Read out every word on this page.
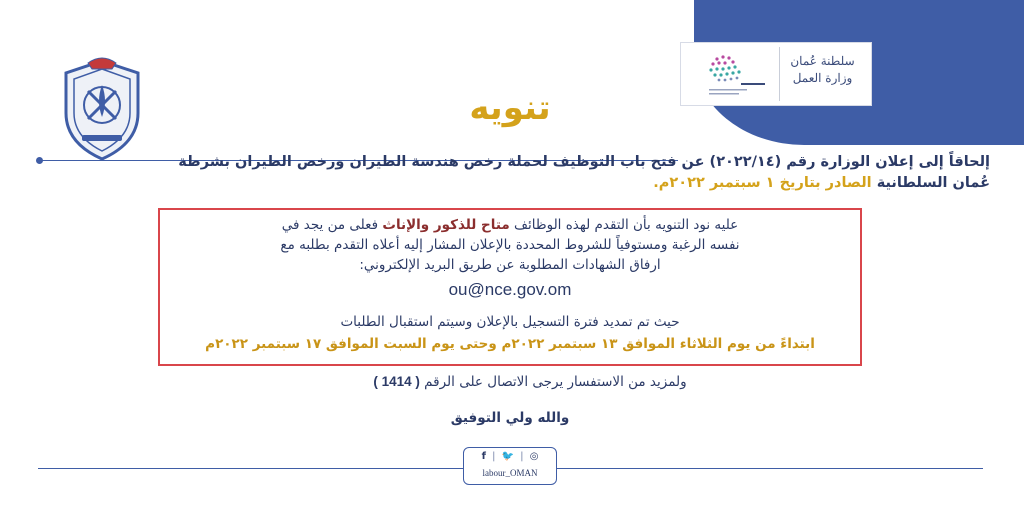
سلطنة عُمان
وزارة العمل
تنويه
إلحاقاً إلى إعلان الوزارة رقم (٢٠٢٢/١٤) عن فتح باب التوظيف لحملة رخص هندسة الطيران ورخص الطيران بشرطة عُمان السلطانية الصادر بتاريخ ١ سبتمبر ٢٠٢٢م.
عليه نود التنويه بأن التقدم لهذه الوظائف متاح للذكور والإناث فعلى من يجد في
نفسه الرغبة ومستوفياً للشروط المحددة بالإعلان المشار إليه أعلاه التقدم بطلبه مع
ارفاق الشهادات المطلوبة عن طريق البريد الإلكتروني:
ou@nce.gov.om
حيث تم تمديد فترة التسجيل بالإعلان وسيتم استقبال الطلبات
ابتداءً من يوم الثلاثاء الموافق ١٣ سبتمبر ٢٠٢٢م وحتى يوم السبت الموافق ١٧ سبتمبر ٢٠٢٢م
ولمزيد من الاستفسار يرجى الاتصال على الرقم ( 1414 )
والله ولي التوفيق
f | 🐦 | ◎
labour_OMAN
